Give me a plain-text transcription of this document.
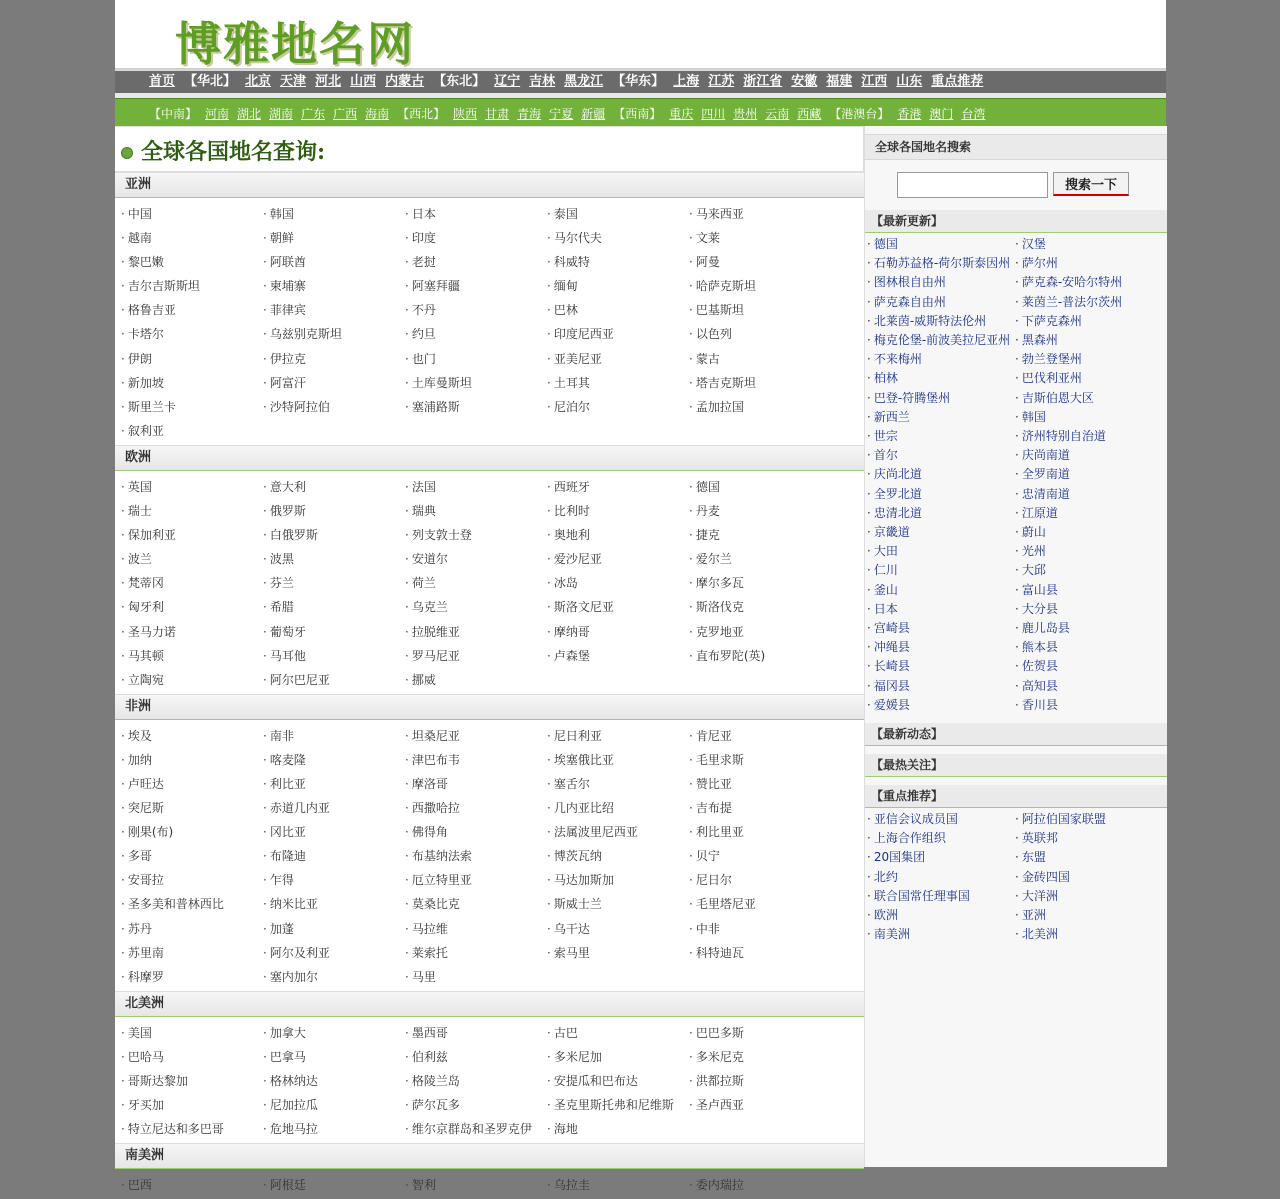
博雅地名网
首页 【华北】 北京 天津 河北 山西 内蒙古 【东北】 辽宁 吉林 黑龙江 【华东】 上海 江苏 浙江省 安徽 福建 江西 山东 重点推荐
【中南】 河南 湖北 湖南 广东 广西 海南 【西北】 陕西 甘肃 青海 宁夏 新疆 【西南】 重庆 四川 贵州 云南 西藏 【港澳台】 香港 澳门 台湾
全球各国地名查询:
亚洲
· 中国	· 韩国	· 日本	· 泰国	· 马来西亚
· 越南	· 朝鲜	· 印度	· 马尔代夫	· 文莱
· 黎巴嫩	· 阿联酋	· 老挝	· 科威特	· 阿曼
· 吉尔吉斯斯坦	· 柬埔寨	· 阿塞拜疆	· 缅甸	· 哈萨克斯坦
· 格鲁吉亚	· 菲律宾	· 不丹	· 巴林	· 巴基斯坦
· 卡塔尔	· 乌兹别克斯坦	· 约旦	· 印度尼西亚	· 以色列
· 伊朗	· 伊拉克	· 也门	· 亚美尼亚	· 蒙古
· 新加坡	· 阿富汗	· 土库曼斯坦	· 土耳其	· 塔吉克斯坦
· 斯里兰卡	· 沙特阿拉伯	· 塞浦路斯	· 尼泊尔	· 孟加拉国
· 叙利亚
欧洲
· 英国	· 意大利	· 法国	· 西班牙	· 德国
· 瑞士	· 俄罗斯	· 瑞典	· 比利时	· 丹麦
· 保加利亚	· 白俄罗斯	· 列支敦士登	· 奥地利	· 捷克
· 波兰	· 波黑	· 安道尔	· 爱沙尼亚	· 爱尔兰
· 梵蒂冈	· 芬兰	· 荷兰	· 冰岛	· 摩尔多瓦
· 匈牙利	· 希腊	· 乌克兰	· 斯洛文尼亚	· 斯洛伐克
· 圣马力诺	· 葡萄牙	· 拉脱维亚	· 摩纳哥	· 克罗地亚
· 马其顿	· 马耳他	· 罗马尼亚	· 卢森堡	· 直布罗陀(英)
· 立陶宛	· 阿尔巴尼亚	· 挪威
非洲
· 埃及	· 南非	· 坦桑尼亚	· 尼日利亚	· 肯尼亚
· 加纳	· 喀麦隆	· 津巴布韦	· 埃塞俄比亚	· 毛里求斯
· 卢旺达	· 利比亚	· 摩洛哥	· 塞舌尔	· 赞比亚
· 突尼斯	· 赤道几内亚	· 西撒哈拉	· 几内亚比绍	· 吉布提
· 刚果(布)	· 冈比亚	· 佛得角	· 法属波里尼西亚	· 利比里亚
· 多哥	· 布隆迪	· 布基纳法索	· 博茨瓦纳	· 贝宁
· 安哥拉	· 乍得	· 厄立特里亚	· 马达加斯加	· 尼日尔
· 圣多美和普林西比	· 纳米比亚	· 莫桑比克	· 斯威士兰	· 毛里塔尼亚
· 苏丹	· 加蓬	· 马拉维	· 乌干达	· 中非
· 苏里南	· 阿尔及利亚	· 莱索托	· 索马里	· 科特迪瓦
· 科摩罗	· 塞内加尔	· 马里
北美洲
· 美国	· 加拿大	· 墨西哥	· 古巴	· 巴巴多斯
· 巴哈马	· 巴拿马	· 伯利兹	· 多米尼加	· 多米尼克
· 哥斯达黎加	· 格林纳达	· 格陵兰岛	· 安提瓜和巴布达	· 洪都拉斯
· 牙买加	· 尼加拉瓜	· 萨尔瓦多	· 圣克里斯托弗和尼维斯	· 圣卢西亚
· 特立尼达和多巴哥	· 危地马拉	· 维尔京群岛和圣罗克伊	· 海地
南美洲
· 巴西	· 阿根廷	· 智利	· 乌拉圭	· 委内瑞拉
全球各国地名搜索
搜索一下
【最新更新】
· 德国	· 汉堡
· 石勒苏益格-荷尔斯泰因州 · 萨尔州
· 图林根自由州	· 萨克森-安哈尔特州
· 萨克森自由州	· 莱茵兰-普法尔茨州
· 北莱茵-威斯特法伦州	· 下萨克森州
· 梅克伦堡-前波美拉尼亚州 · 黑森州
· 不来梅州	· 勃兰登堡州
· 柏林	· 巴伐利亚州
· 巴登-符腾堡州	· 吉斯伯恩大区
· 新西兰	· 韩国
· 世宗	· 济州特别自治道
· 首尔	· 庆尚南道
· 庆尚北道	· 全罗南道
· 全罗北道	· 忠清南道
· 忠清北道	· 江原道
· 京畿道	· 蔚山
· 大田	· 光州
· 仁川	· 大邱
· 釜山	· 富山县
· 日本	· 大分县
· 宫崎县	· 鹿儿岛县
· 冲绳县	· 熊本县
· 长崎县	· 佐贺县
· 福冈县	· 高知县
· 爱媛县	· 香川县
【最新动态】
【最热关注】
【重点推荐】
· 亚信会议成员国	· 阿拉伯国家联盟
· 上海合作组织	· 英联邦
· 20国集团	· 东盟
· 北约	· 金砖四国
· 联合国常任理事国	· 大洋洲
· 欧洲	· 亚洲
· 南美洲	· 北美洲
